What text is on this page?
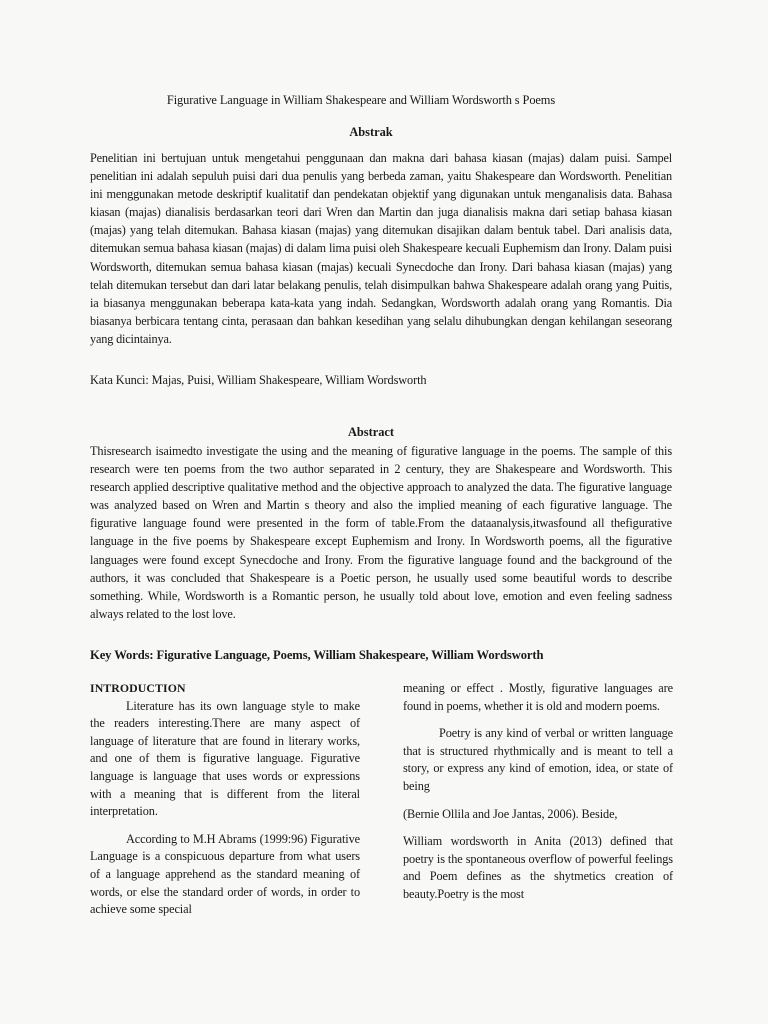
Figurative Language in William Shakespeare and William Wordsworth s Poems
Abstrak

Penelitian ini bertujuan untuk mengetahui penggunaan dan makna dari bahasa kiasan (majas) dalam puisi. Sampel penelitian ini adalah sepuluh puisi dari dua penulis yang berbeda zaman, yaitu Shakespeare dan Wordsworth. Penelitian ini menggunakan metode deskriptif kualitatif dan pendekatan objektif yang digunakan untuk menganalisis data. Bahasa kiasan (majas) dianalisis berdasarkan teori dari Wren dan Martin dan juga dianalisis makna dari setiap bahasa kiasan (majas) yang telah ditemukan. Bahasa kiasan (majas) yang ditemukan disajikan dalam bentuk tabel. Dari analisis data, ditemukan semua bahasa kiasan (majas) di dalam lima puisi oleh Shakespeare kecuali Euphemism dan Irony. Dalam puisi Wordsworth, ditemukan semua bahasa kiasan (majas) kecuali Synecdoche dan Irony. Dari bahasa kiasan (majas) yang telah ditemukan tersebut dan dari latar belakang penulis, telah disimpulkan bahwa Shakespeare adalah orang yang Puitis, ia biasanya menggunakan beberapa kata-kata yang indah. Sedangkan, Wordsworth adalah orang yang Romantis. Dia biasanya berbicara tentang cinta, perasaan dan bahkan kesedihan yang selalu dihubungkan dengan kehilangan seseorang yang dicintainya.

Kata Kunci: Majas, Puisi, William Shakespeare, William Wordsworth
Abstract

Thisresearch isaimedto investigate the using and the meaning of figurative language in the poems. The sample of this research were ten poems from the two author separated in 2 century, they are Shakespeare and Wordsworth. This research applied descriptive qualitative method and the objective approach to analyzed the data. The figurative language was analyzed based on Wren and Martin s theory and also the implied meaning of each figurative language. The figurative language found were presented in the form of table.From the dataanalysis,itwasfound all thefigurative language in the five poems by Shakespeare except Euphemism and Irony. In Wordsworth poems, all the figurative languages were found except Synecdoche and Irony. From the figurative language found and the background of the authors, it was concluded that Shakespeare is a Poetic person, he usually used some beautiful words to describe something. While, Wordsworth is a Romantic person, he usually told about love, emotion and even feeling sadness always related to the lost love.

Key Words: Figurative Language, Poems, William Shakespeare, William Wordsworth
INTRODUCTION

Literature has its own language style to make the readers interesting.There are many aspect of language of literature that are found in literary works, and one of them is figurative language. Figurative language is language that uses words or expressions with a meaning that is different from the literal interpretation.

According to M.H Abrams (1999:96) Figurative Language is a conspicuous departure from what users of a language apprehend as the standard meaning of words, or else the standard order of words, in order to achieve some special

meaning or effect . Mostly, figurative languages are found in poems, whether it is old and modern poems.

Poetry is any kind of verbal or written language that is structured rhythmically and is meant to tell a story, or express any kind of emotion, idea, or state of being

(Bernie Ollila and Joe Jantas, 2006). Beside,

William wordsworth in Anita (2013) defined that poetry is the spontaneous overflow of powerful feelings and Poem defines as the shytmetics creation of beauty.Poetry is the most
